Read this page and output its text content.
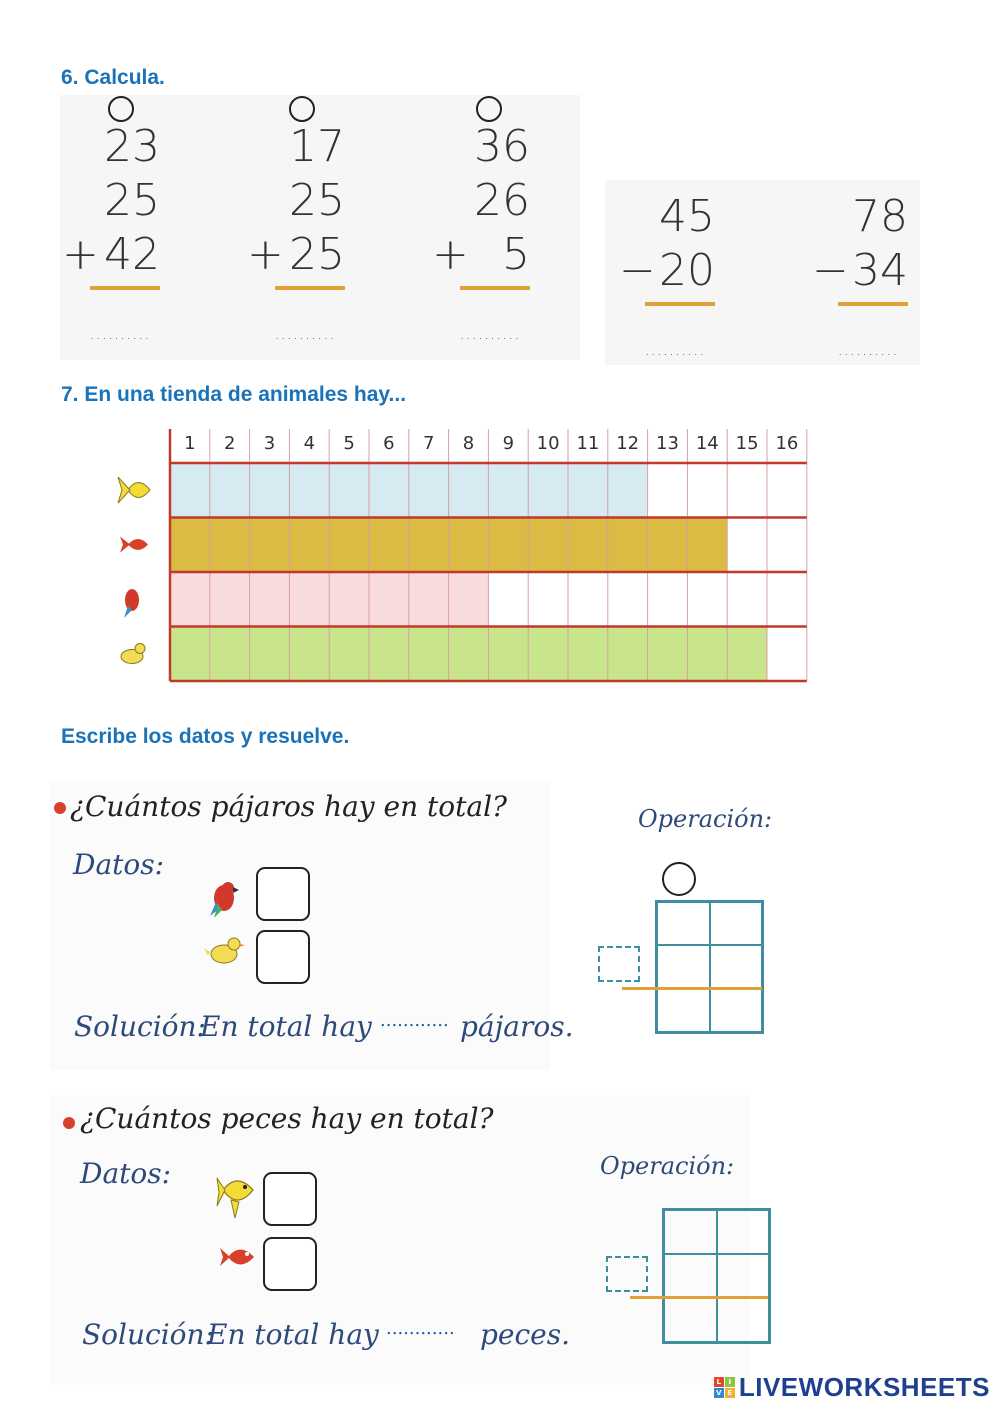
6. Calcula.
23
25
+ 42
..........
17
25
+ 25
..........
36
26
+ 5
..........
45
− 20
..........
78
− 34
..........
7. En una tienda de animales hay...
1 2 3 4 5 6 7 8 9 10 11 12 13 14 15 16
Escribe los datos y resuelve.
¿Cuántos pájaros hay en total?
Datos:
Operación:
Solución:
En total hay ............ pájaros.
¿Cuántos peces hay en total?
Datos:	Operación:
Solución:
En total hay ............ peces.
L	I
V E LIVEWORKSHEETS
